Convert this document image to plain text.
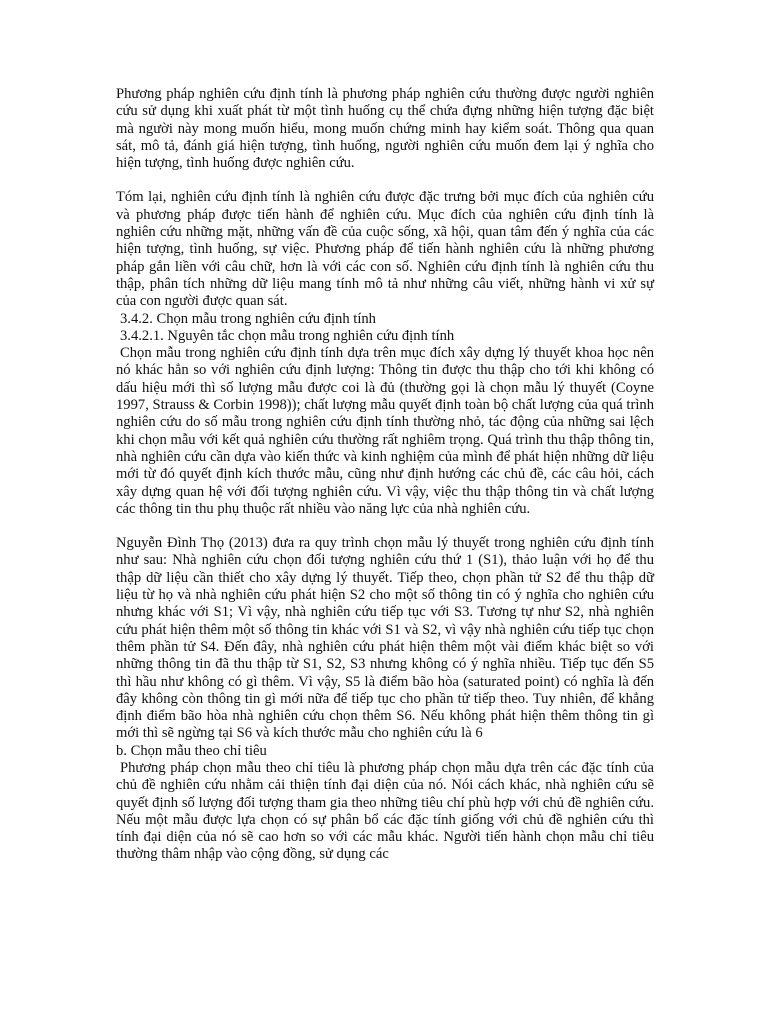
Phương pháp nghiên cứu định tính là phương pháp nghiên cứu thường được người nghiên cứu sử dụng khi xuất phát từ một tình huống cụ thể chứa đựng những hiện tượng đặc biệt mà người này mong muốn hiểu, mong muốn chứng minh hay kiểm soát. Thông qua quan sát, mô tả, đánh giá hiện tượng, tình huống, người nghiên cứu muốn đem lại ý nghĩa cho hiện tượng, tình huống được nghiên cứu.

Tóm lại, nghiên cứu định tính là nghiên cứu được đặc trưng bởi mục đích của nghiên cứu và phương pháp được tiến hành để nghiên cứu. Mục đích của nghiên cứu định tính là nghiên cứu những mặt, những vấn đề của cuộc sống, xã hội, quan tâm đến ý nghĩa của các hiện tượng, tình huống, sự việc. Phương pháp để tiến hành nghiên cứu là những phương pháp gắn liền với câu chữ, hơn là với các con số. Nghiên cứu định tính là nghiên cứu thu thập, phân tích những dữ liệu mang tính mô tả như những câu viết, những hành vi xử sự của con người được quan sát.

3.4.2. Chọn mẫu trong nghiên cứu định tính

3.4.2.1. Nguyên tắc chọn mẫu trong nghiên cứu định tính

Chọn mẫu trong nghiên cứu định tính dựa trên mục đích xây dựng lý thuyết khoa học nên nó khác hẳn so với nghiên cứu định lượng: Thông tin được thu thập cho tới khi không có dấu hiệu mới thì số lượng mẫu được coi là đủ (thường gọi là chọn mẫu lý thuyết (Coyne 1997, Strauss & Corbin 1998)); chất lượng mẫu quyết định toàn bộ chất lượng của quá trình nghiên cứu do số mẫu trong nghiên cứu định tính thường nhỏ, tác động của những sai lệch khi chọn mẫu với kết quả nghiên cứu thường rất nghiêm trọng. Quá trình thu thập thông tin, nhà nghiên cứu cần dựa vào kiến thức và kinh nghiệm của mình để phát hiện những dữ liệu mới từ đó quyết định kích thước mẫu, cũng như định hướng các chủ đề, các câu hỏi, cách xây dựng quan hệ với đối tượng nghiên cứu. Vì vậy, việc thu thập thông tin và chất lượng các thông tin thu phụ thuộc rất nhiều vào năng lực của nhà nghiên cứu.

Nguyễn Đình Thọ (2013) đưa ra quy trình chọn mẫu lý thuyết trong nghiên cứu định tính như sau: Nhà nghiên cứu chọn đối tượng nghiên cứu thứ 1 (S1), thảo luận với họ để thu thập dữ liệu cần thiết cho xây dựng lý thuyết. Tiếp theo, chọn phần tử S2 để thu thập dữ liệu từ họ và nhà nghiên cứu phát hiện S2 cho một số thông tin có ý nghĩa cho nghiên cứu nhưng khác với S1; Vì vậy, nhà nghiên cứu tiếp tục với S3. Tương tự như S2, nhà nghiên cứu phát hiện thêm một số thông tin khác với S1 và S2, vì vậy nhà nghiên cứu tiếp tục chọn thêm phần tử S4. Đến đây, nhà nghiên cứu phát hiện thêm một vài điểm khác biệt so với những thông tin đã thu thập từ S1, S2, S3 nhưng không có ý nghĩa nhiều. Tiếp tục đến S5 thì hầu như không có gì thêm. Vì vậy, S5 là điểm bão hòa (saturated point) có nghĩa là đến đây không còn thông tin gì mới nữa để tiếp tục cho phần tử tiếp theo. Tuy nhiên, để khẳng định điểm bão hòa nhà nghiên cứu chọn thêm S6. Nếu không phát hiện thêm thông tin gì mới thì sẽ ngừng tại S6 và kích thước mẫu cho nghiên cứu là 6

b. Chọn mẫu theo chỉ tiêu

Phương pháp chọn mẫu theo chỉ tiêu là phương pháp chọn mẫu dựa trên các đặc tính của chủ đề nghiên cứu nhằm cải thiện tính đại diện của nó. Nói cách khác, nhà nghiên cứu sẽ quyết định số lượng đối tượng tham gia theo những tiêu chí phù hợp với chủ đề nghiên cứu. Nếu một mẫu được lựa chọn có sự phân bổ các đặc tính giống với chủ đề nghiên cứu thì tính đại diện của nó sẽ cao hơn so với các mẫu khác. Người tiến hành chọn mẫu chỉ tiêu thường thâm nhập vào cộng đồng, sử dụng các
